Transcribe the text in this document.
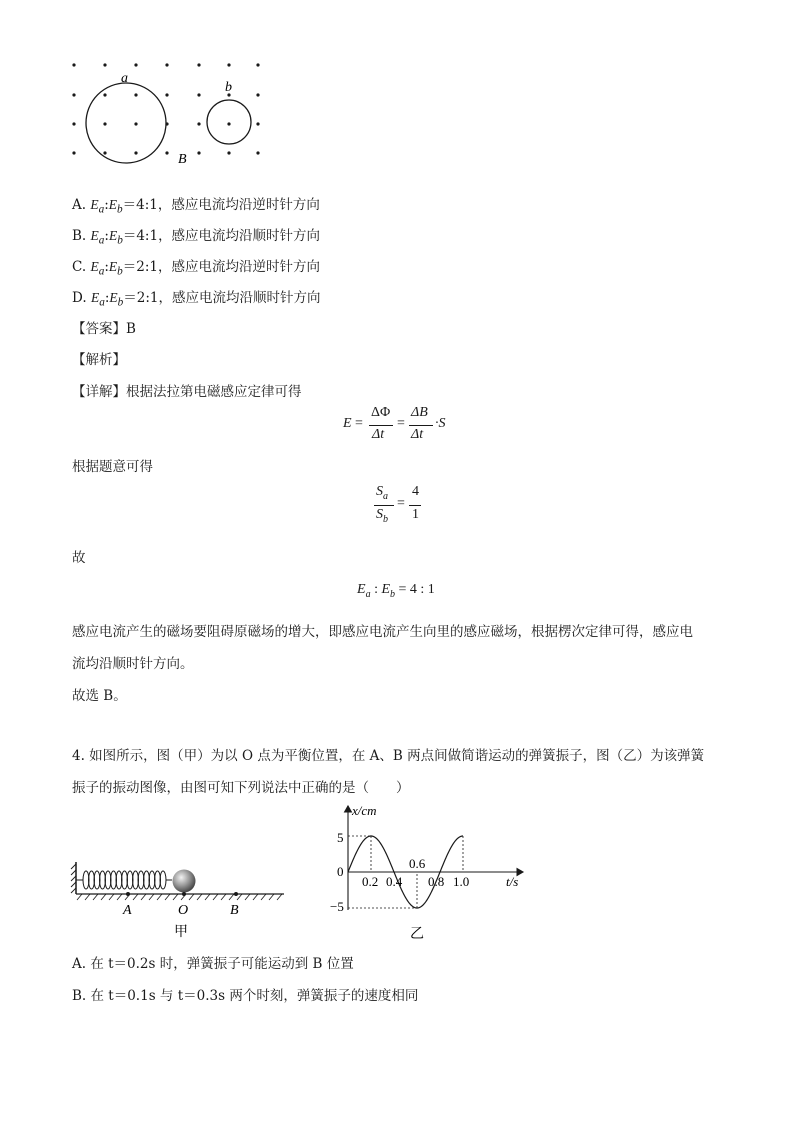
a
b
B
A. $E_a:E_b=4:1$，感应电流均沿逆时针方向
B. $E_a:E_b=4:1$，感应电流均沿顺时针方向
C. $E_a:E_b=2:1$，感应电流均沿逆时针方向
D. $E_a:E_b=2:1$，感应电流均沿顺时针方向
【答案】B
【解析】
【详解】根据法拉第电磁感应定律可得
E =
ΔΦ
Δt
=
ΔB
Δt
·S
根据题意可得
$S_a$
$S_b$
=
4
1
故
$E_a$ : $E_b = 4$ : 1
感应电流产生的磁场要阻碍原磁场的增大，即感应电流产生向里的感应磁场，根据楞次定律可得，感应电
流均沿顺时针方向。
故选 B。
4. 如图所示，图（甲）为以 O 点为平衡位置，在 A、B 两点间做简谐运动的弹簧振子，图（乙）为该弹簧
振子的振动图像，由图可知下列说法中正确的是（　　）
A	O	B
甲
x/cm
t/s
5
0
−5
0.2 0.4
0.6
0.8 1.0
乙
A. 在 t＝0.2s 时，弹簧振子可能运动到 B 位置
B. 在 t＝0.1s 与 t＝0.3s 两个时刻，弹簧振子的速度相同
